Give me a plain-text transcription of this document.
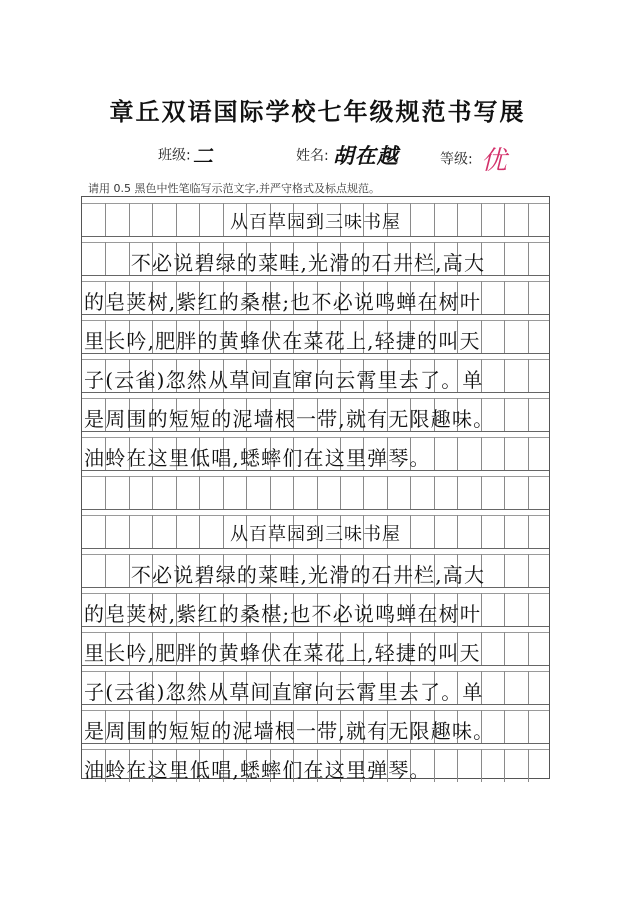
章丘双语国际学校七年级规范书写展
班级: 二	姓名: 胡在越	等级: 优
请用 0.5 黑色中性笔临写示范文字,并严守格式及标点规范。
从百草园到三味书屋
不必说碧绿的菜畦,光滑的石井栏,高大
的皂荚树,紫红的桑椹;也不必说鸣蝉在树叶
里长吟,肥胖的黄蜂伏在菜花上,轻捷的叫天
子(云雀)忽然从草间直窜向云霄里去了。单
是周围的短短的泥墙根一带,就有无限趣味。
油蛉在这里低唱,蟋蟀们在这里弹琴。
从百草园到三味书屋
不必说碧绿的菜畦,光滑的石井栏,高大
的皂荚树,紫红的桑椹;也不必说鸣蝉在树叶
里长吟,肥胖的黄蜂伏在菜花上,轻捷的叫天
子(云雀)忽然从草间直窜向云霄里去了。单
是周围的短短的泥墙根一带,就有无限趣味。
油蛉在这里低唱,蟋蟀们在这里弹琴。
